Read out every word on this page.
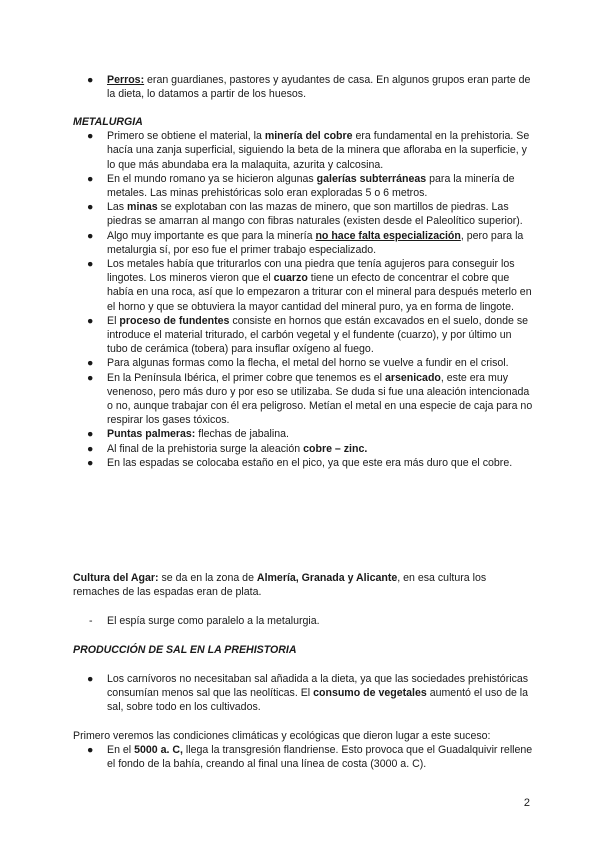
● Perros: eran guardianes, pastores y ayudantes de casa. En algunos grupos eran parte de la dieta, lo datamos a partir de los huesos.
METALURGIA
● Primero se obtiene el material, la minería del cobre era fundamental en la prehistoria. Se hacía una zanja superficial, siguiendo la beta de la minera que afloraba en la superficie, y lo que más abundaba era la malaquita, azurita y calcosina.
● En el mundo romano ya se hicieron algunas galerías subterráneas para la minería de metales. Las minas prehistóricas solo eran exploradas 5 o 6 metros.
● Las minas se explotaban con las mazas de minero, que son martillos de piedras. Las piedras se amarran al mango con fibras naturales (existen desde el Paleolítico superior).
● Algo muy importante es que para la minería no hace falta especialización, pero para la metalurgia sí, por eso fue el primer trabajo especializado.
● Los metales había que triturarlos con una piedra que tenía agujeros para conseguir los lingotes. Los mineros vieron que el cuarzo tiene un efecto de concentrar el cobre que había en una roca, así que lo empezaron a triturar con el mineral para después meterlo en el horno y que se obtuviera la mayor cantidad del mineral puro, ya en forma de lingote.
● El proceso de fundentes consiste en hornos que están excavados en el suelo, donde se introduce el material triturado, el carbón vegetal y el fundente (cuarzo), y por último un tubo de cerámica (tobera) para insuflar oxígeno al fuego.
● Para algunas formas como la flecha, el metal del horno se vuelve a fundir en el crisol.
● En la Península Ibérica, el primer cobre que tenemos es el arsenicado, este era muy venenoso, pero más duro y por eso se utilizaba. Se duda si fue una aleación intencionada o no, aunque trabajar con él era peligroso. Metían el metal en una especie de caja para no respirar los gases tóxicos.
● Puntas palmeras: flechas de jabalina.
● Al final de la prehistoria surge la aleación cobre – zinc.
● En las espadas se colocaba estaño en el pico, ya que este era más duro que el cobre.
Cultura del Agar: se da en la zona de Almería, Granada y Alicante, en esa cultura los remaches de las espadas eran de plata.
- El espía surge como paralelo a la metalurgia.
PRODUCCIÓN DE SAL EN LA PREHISTORIA
● Los carnívoros no necesitaban sal añadida a la dieta, ya que las sociedades prehistóricas consumían menos sal que las neolíticas. El consumo de vegetales aumentó el uso de la sal, sobre todo en los cultivados.
Primero veremos las condiciones climáticas y ecológicas que dieron lugar a este suceso:
● En el 5000 a. C, llega la transgresión flandriense. Esto provoca que el Guadalquivir rellene el fondo de la bahía, creando al final una línea de costa (3000 a. C).
2
